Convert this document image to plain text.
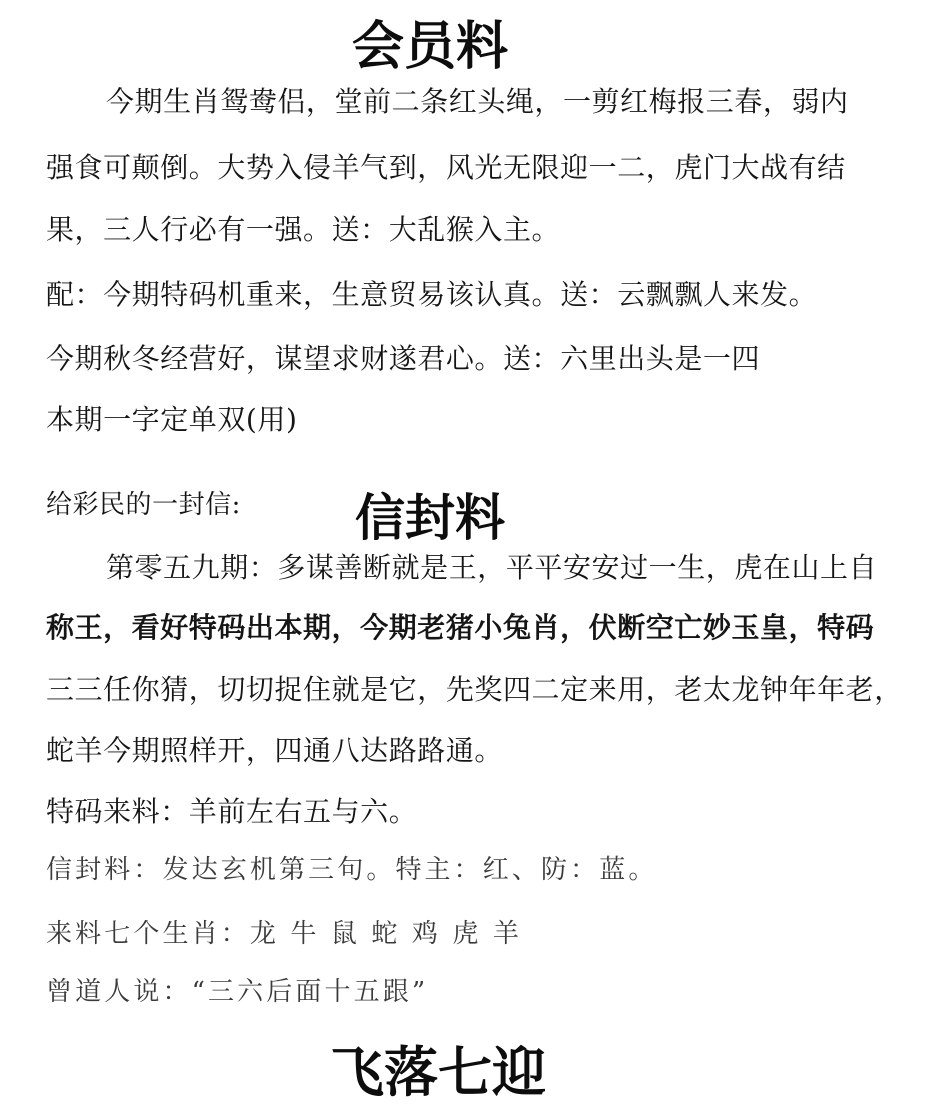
会员料
今期生肖鸳鸯侣，堂前二条红头绳，一剪红梅报三春，弱内
强食可颠倒。大势入侵羊气到，风光无限迎一二，虎门大战有结
果，三人行必有一强。送：大乱猴入主。
配：今期特码机重来，生意贸易该认真。送：云飘飘人来发。
今期秋冬经营好，谋望求财遂君心。送：六里出头是一四
本期一字定单双(用)
给彩民的一封信: 信封料
第零五九期：多谋善断就是王，平平安安过一生，虎在山上自
称王，看好特码出本期，今期老猪小兔肖，伏断空亡妙玉皇，特码
三三任你猜，切切捉住就是它，先奖四二定来用，老太龙钟年年老，
蛇羊今期照样开，四通八达路路通。
特码来料：羊前左右五与六。
信封料：发达玄机第三句。特主：红、防：蓝。
来料七个生肖：龙 牛 鼠 蛇 鸡 虎 羊
曾道人说：“三六后面十五跟”
飞落七迎
